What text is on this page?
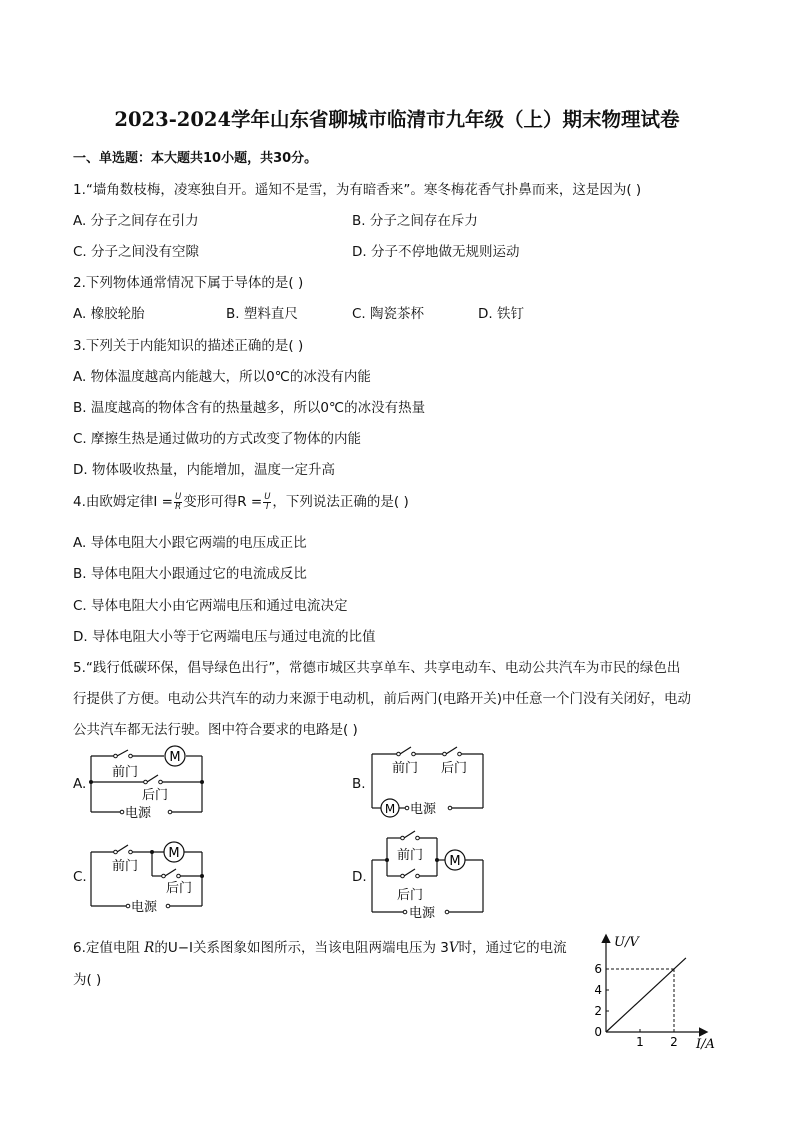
2023-2024学年山东省聊城市临清市九年级（上）期末物理试卷
一、单选题：本大题共10小题，共30分。
1.“墙角数枝梅，凌寒独自开。遥知不是雪，为有暗香来”。寒冬梅花香气扑鼻而来，这是因为( )
A. 分子之间存在引力	B. 分子之间存在斥力
C. 分子之间没有空隙	D. 分子不停地做无规则运动
2.下列物体通常情况下属于导体的是( )
A. 橡胶轮胎	B. 塑料直尺	C. 陶瓷茶杯	D. 铁钉
3.下列关于内能知识的描述正确的是( )
A. 物体温度越高内能越大，所以0℃的冰没有内能
B. 温度越高的物体含有的热量越多，所以0℃的冰没有热量
C. 摩擦生热是通过做功的方式改变了物体的内能
D. 物体吸收热量，内能增加，温度一定升高
4.由欧姆定律$I = \frac{U}{R}$ 变形可得$R = \frac{U}{I}$ ，下列说法正确的是( )
A. 导体电阻大小跟它两端的电压成正比
B. 导体电阻大小跟通过它的电流成反比
C. 导体电阻大小由它两端电压和通过电流决定
D. 导体电阻大小等于它两端电压与通过电流的比值
5.“践行低碳环保，倡导绿色出行”，常德市城区共享单车、共享电动车、电动公共汽车为市民的绿色出
行提供了方便。电动公共汽车的动力来源于电动机，前后两门(电路开关)中任意一个门没有关闭好，电动
公共汽车都无法行驶。图中符合要求的电路是( )
A.
M
前门
后门
电源
B.
M
前门 后门
电源
C.
M
前门
后门
电源
D.
M
前门
后门
电源
6.定值电阻 R的U−I关系图象如图所示，当该电阻两端电压为 3V时，通过它的电流
为( )
U/V
I/A
0
2
4
6
1 2
